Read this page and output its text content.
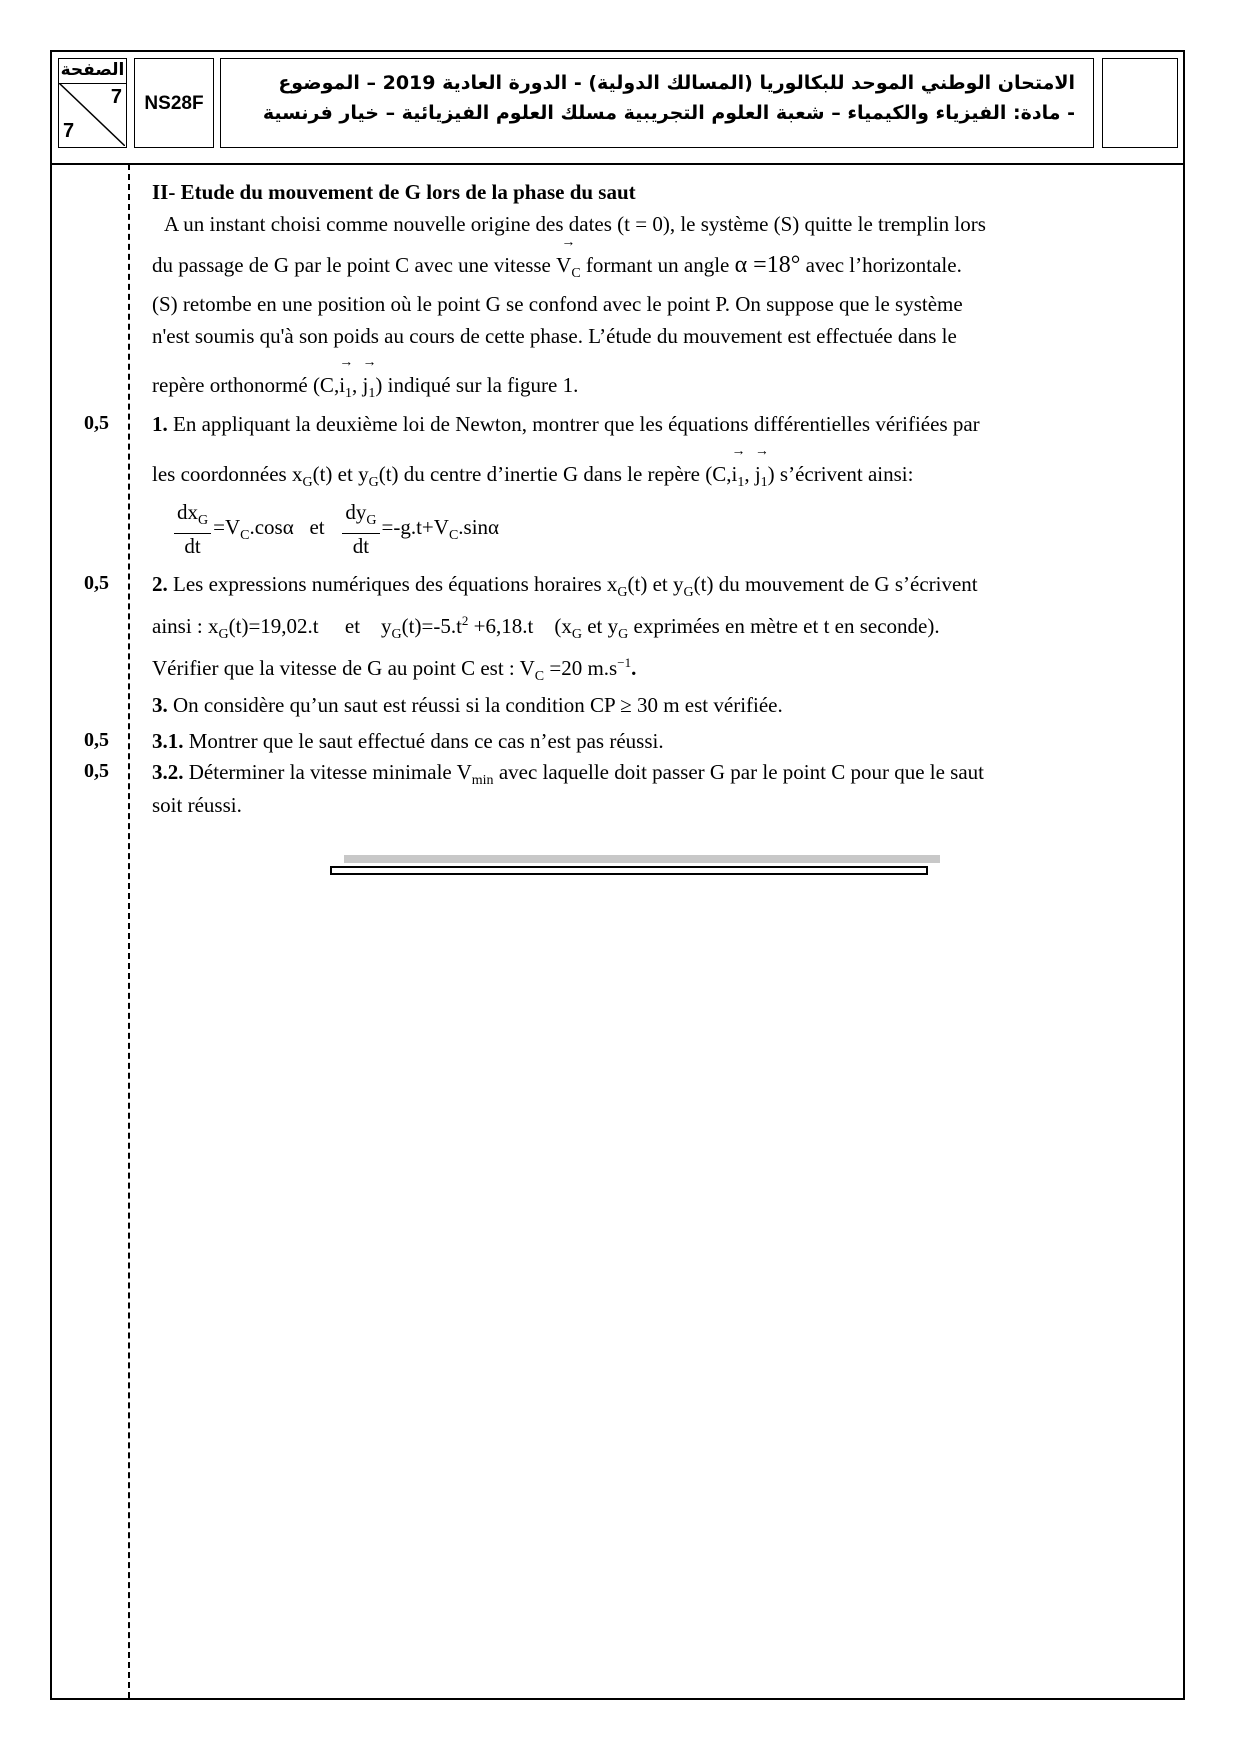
الصفحة
7
7
NS28F
الامتحان الوطني الموحد للبكالوريا (المسالك الدولية) - الدورة العادية 2019 – الموضوع
- مادة: الفيزياء والكيمياء – شعبة العلوم التجريبية مسلك العلوم الفيزيائية – خيار فرنسية
II- Etude du mouvement de G lors de la phase du saut
A un instant choisi comme nouvelle origine des dates (t = 0), le système (S) quitte le tremplin lors
du passage de G par le point C avec une vitesse → $V_C$ formant un angle α =18° avec l’horizontale.
(S) retombe en une position où le point G se confond avec le point P. On suppose que le système
n'est soumis qu'à son poids au cours de cette phase. L’étude du mouvement est effectuée dans le
repère orthonormé ($C,\to i_1$, → $j_1$) indiqué sur la figure 1.
0,5 1. En appliquant la deuxième loi de Newton, montrer que les équations différentielles vérifiées par
les coordonnées $x_G(t)$ et $y_G(t)$ du centre d’inertie G dans le repère ($C,\to i_1$, → $j_1$) s’écrivent ainsi:
$\frac{dx_G}{dt} =V_C.\cos\alpha$ et $\frac{dy_G}{dt} =-g.t+V_C.\sin\alpha$
0,5 2. Les expressions numériques des équations horaires $x_G(t)$ et $y_G(t)$ du mouvement de G s’écrivent
ainsi : $x_G(t)=19,02.t$ et    $y_G(t)=-5.t^2 +6,18.t$    ($x_G$ et $y_G$ exprimées en mètre et t en seconde).
Vérifier que la vitesse de G au point C est : $V_C =20$ $m.s^{-1}$.
3. On considère qu’un saut est réussi si la condition CP ≥ 30 m est vérifiée.
0,5 3.1. Montrer que le saut effectué dans ce cas n’est pas réussi.
0,5 3.2. Déterminer la vitesse minimale $V_{min}$ avec laquelle doit passer G par le point C pour que le saut
soit réussi.
